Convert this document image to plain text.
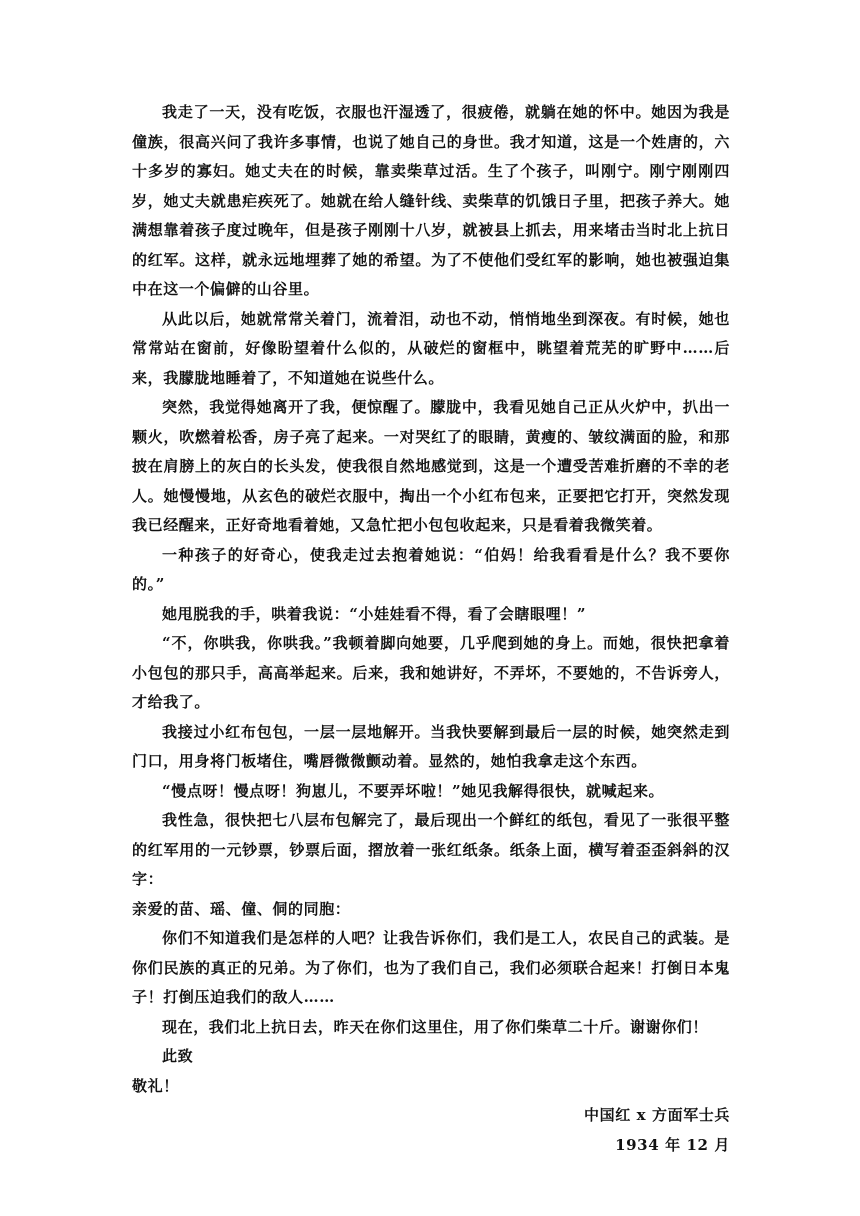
我走了一天，没有吃饭，衣服也汗湿透了，很疲倦，就躺在她的怀中。她因为我是僮族，很高兴问了我许多事情，也说了她自己的身世。我才知道，这是一个姓唐的，六十多岁的寡妇。她丈夫在的时候，靠卖柴草过活。生了个孩子，叫刚宁。刚宁刚刚四岁，她丈夫就患疟疾死了。她就在给人缝针线、卖柴草的饥饿日子里，把孩子养大。她满想靠着孩子度过晚年，但是孩子刚刚十八岁，就被县上抓去，用来堵击当时北上抗日的红军。这样，就永远地埋葬了她的希望。为了不使他们受红军的影响，她也被强迫集中在这一个偏僻的山谷里。

从此以后，她就常常关着门，流着泪，动也不动，悄悄地坐到深夜。有时候，她也常常站在窗前，好像盼望着什么似的，从破烂的窗框中，眺望着荒芜的旷野中……后来，我朦胧地睡着了，不知道她在说些什么。

突然，我觉得她离开了我，便惊醒了。朦胧中，我看见她自己正从火炉中，扒出一颗火，吹燃着松香，房子亮了起来。一对哭红了的眼睛，黄瘦的、皱纹满面的脸，和那披在肩膀上的灰白的长头发，使我很自然地感觉到，这是一个遭受苦难折磨的不幸的老人。她慢慢地，从玄色的破烂衣服中，掏出一个小红布包来，正要把它打开，突然发现我已经醒来，正好奇地看着她，又急忙把小包包收起来，只是看着我微笑着。

一种孩子的好奇心，使我走过去抱着她说：“伯妈！给我看看是什么？我不要你的。”

她甩脱我的手，哄着我说：“小娃娃看不得，看了会瞎眼哩！”

“不，你哄我，你哄我。”我顿着脚向她要，几乎爬到她的身上。而她，很快把拿着小包包的那只手，高高举起来。后来，我和她讲好，不弄坏，不要她的，不告诉旁人，才给我了。

我接过小红布包包，一层一层地解开。当我快要解到最后一层的时候，她突然走到门口，用身将门板堵住，嘴唇微微颤动着。显然的，她怕我拿走这个东西。

“慢点呀！慢点呀！狗崽儿，不要弄坏啦！”她见我解得很快，就喊起来。

我性急，很快把七八层布包解完了，最后现出一个鲜红的纸包，看见了一张很平整的红军用的一元钞票，钞票后面，摺放着一张红纸条。纸条上面，横写着歪歪斜斜的汉字：

亲爱的苗、瑶、僮、侗的同胞：

你们不知道我们是怎样的人吧？让我告诉你们，我们是工人，农民自己的武装。是你们民族的真正的兄弟。为了你们，也为了我们自己，我们必须联合起来！打倒日本鬼子！打倒压迫我们的敌人……

现在，我们北上抗日去，昨天在你们这里住，用了你们柴草二十斤。谢谢你们！

此致

敬礼！

中国红 x 方面军士兵

1934 年 12 月
